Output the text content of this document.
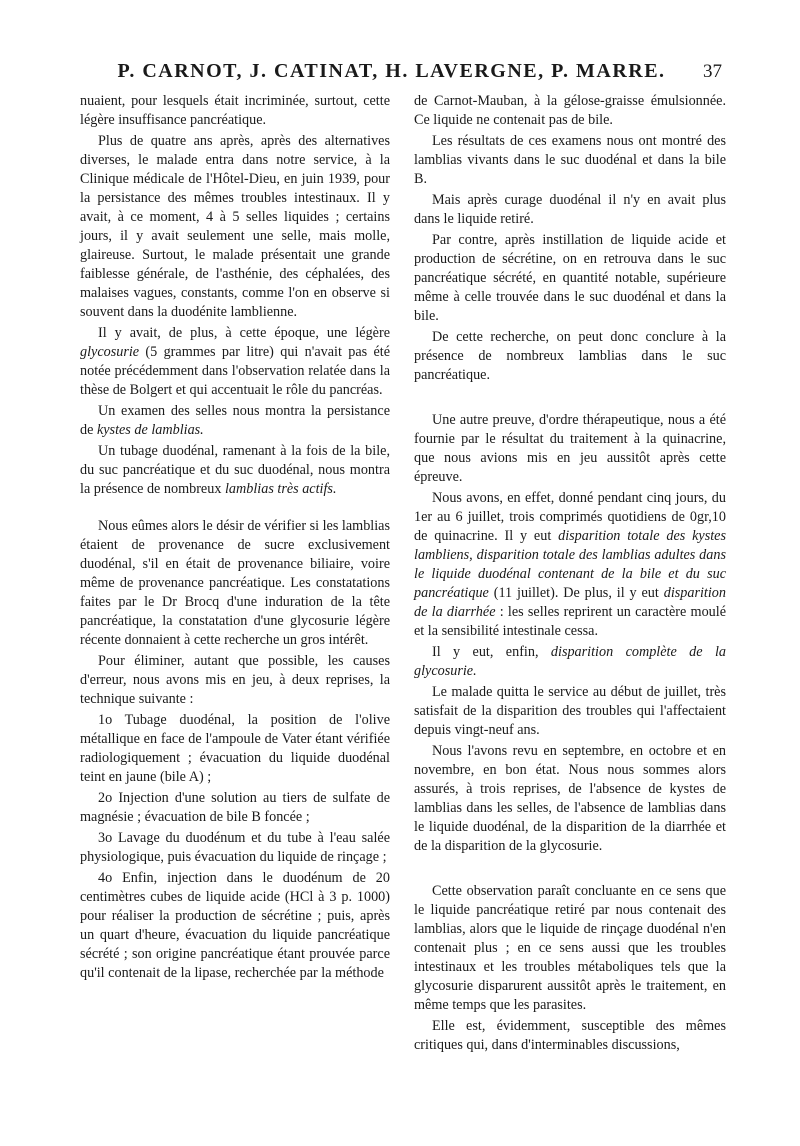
P. CARNOT, J. CATINAT, H. LAVERGNE, P. MARRE.	37

nuaient, pour lesquels était incriminée, surtout, cette légère insuffisance pancréatique.

Plus de quatre ans après, après des alternatives diverses, le malade entra dans notre service, à la Clinique médicale de l'Hôtel-Dieu, en juin 1939, pour la persistance des mêmes troubles intestinaux. Il y avait, à ce moment, 4 à 5 selles liquides ; certains jours, il y avait seulement une selle, mais molle, glaireuse. Surtout, le malade présentait une grande faiblesse générale, de l'asthénie, des céphalées, des malaises vagues, constants, comme l'on en observe si souvent dans la duodénite lamblienne.

Il y avait, de plus, à cette époque, une légère glycosurie (5 grammes par litre) qui n'avait pas été notée précédemment dans l'observation relatée dans la thèse de Bolgert et qui accentuait le rôle du pancréas.

Un examen des selles nous montra la persistance de kystes de lamblias.

Un tubage duodénal, ramenant à la fois de la bile, du suc pancréatique et du suc duodénal, nous montra la présence de nombreux lamblias très actifs.

Nous eûmes alors le désir de vérifier si les lamblias étaient de provenance de sucre exclusivement duodénal, s'il en était de provenance biliaire, voire même de provenance pancréatique. Les constatations faites par le Dr Brocq d'une induration de la tête pancréatique, la constatation d'une glycosurie légère récente donnaient à cette recherche un gros intérêt.

Pour éliminer, autant que possible, les causes d'erreur, nous avons mis en jeu, à deux reprises, la technique suivante :

1o Tubage duodénal, la position de l'olive métallique en face de l'ampoule de Vater étant vérifiée radiologiquement ; évacuation du liquide duodénal teint en jaune (bile A) ;

2o Injection d'une solution au tiers de sulfate de magnésie ; évacuation de bile B foncée ;

3o Lavage du duodénum et du tube à l'eau salée physiologique, puis évacuation du liquide de rinçage ;

4o Enfin, injection dans le duodénum de 20 centimètres cubes de liquide acide (HCl à 3 p. 1000) pour réaliser la production de sécrétine ; puis, après un quart d'heure, évacuation du liquide pancréatique sécrété ; son origine pancréatique étant prouvée parce qu'il contenait de la lipase, recherchée par la méthode

de Carnot-Mauban, à la gélose-graisse émulsionnée. Ce liquide ne contenait pas de bile.

Les résultats de ces examens nous ont montré des lamblias vivants dans le suc duodénal et dans la bile B.

Mais après curage duodénal il n'y en avait plus dans le liquide retiré.

Par contre, après instillation de liquide acide et production de sécrétine, on en retrouva dans le suc pancréatique sécrété, en quantité notable, supérieure même à celle trouvée dans le suc duodénal et dans la bile.

De cette recherche, on peut donc conclure à la présence de nombreux lamblias dans le suc pancréatique.

Une autre preuve, d'ordre thérapeutique, nous a été fournie par le résultat du traitement à la quinacrine, que nous avions mis en jeu aussitôt après cette épreuve.

Nous avons, en effet, donné pendant cinq jours, du 1er au 6 juillet, trois comprimés quotidiens de 0gr,10 de quinacrine. Il y eut disparition totale des kystes lambliens, disparition totale des lamblias adultes dans le liquide duodénal contenant de la bile et du suc pancréatique (11 juillet). De plus, il y eut disparition de la diarrhée : les selles reprirent un caractère moulé et la sensibilité intestinale cessa.

Il y eut, enfin, disparition complète de la glycosurie.

Le malade quitta le service au début de juillet, très satisfait de la disparition des troubles qui l'affectaient depuis vingt-neuf ans.

Nous l'avons revu en septembre, en octobre et en novembre, en bon état. Nous nous sommes alors assurés, à trois reprises, de l'absence de kystes de lamblias dans les selles, de l'absence de lamblias dans le liquide duodénal, de la disparition de la diarrhée et de la disparition de la glycosurie.

Cette observation paraît concluante en ce sens que le liquide pancréatique retiré par nous contenait des lamblias, alors que le liquide de rinçage duodénal n'en contenait plus ; en ce sens aussi que les troubles intestinaux et les troubles métaboliques tels que la glycosurie disparurent aussitôt après le traitement, en même temps que les parasites.

Elle est, évidemment, susceptible des mêmes critiques qui, dans d'interminables discussions,
